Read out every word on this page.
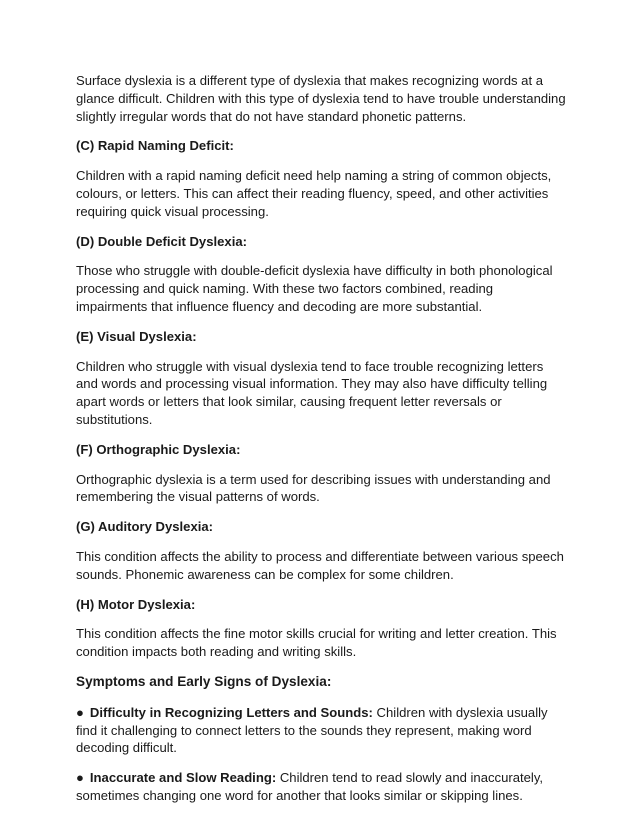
Surface dyslexia is a different type of dyslexia that makes recognizing words at a glance difficult. Children with this type of dyslexia tend to have trouble understanding slightly irregular words that do not have standard phonetic patterns.

(C) Rapid Naming Deficit:

Children with a rapid naming deficit need help naming a string of common objects, colours, or letters. This can affect their reading fluency, speed, and other activities requiring quick visual processing.

(D) Double Deficit Dyslexia:

Those who struggle with double-deficit dyslexia have difficulty in both phonological processing and quick naming. With these two factors combined, reading impairments that influence fluency and decoding are more substantial.

(E) Visual Dyslexia:

Children who struggle with visual dyslexia tend to face trouble recognizing letters and words and processing visual information. They may also have difficulty telling apart words or letters that look similar, causing frequent letter reversals or substitutions.

(F) Orthographic Dyslexia:

Orthographic dyslexia is a term used for describing issues with understanding and remembering the visual patterns of words.

(G) Auditory Dyslexia:

This condition affects the ability to process and differentiate between various speech sounds. Phonemic awareness can be complex for some children.

(H) Motor Dyslexia:

This condition affects the fine motor skills crucial for writing and letter creation. This condition impacts both reading and writing skills.

Symptoms and Early Signs of Dyslexia:

● Difficulty in Recognizing Letters and Sounds: Children with dyslexia usually find it challenging to connect letters to the sounds they represent, making word decoding difficult.

● Inaccurate and Slow Reading: Children tend to read slowly and inaccurately, sometimes changing one word for another that looks similar or skipping lines.
